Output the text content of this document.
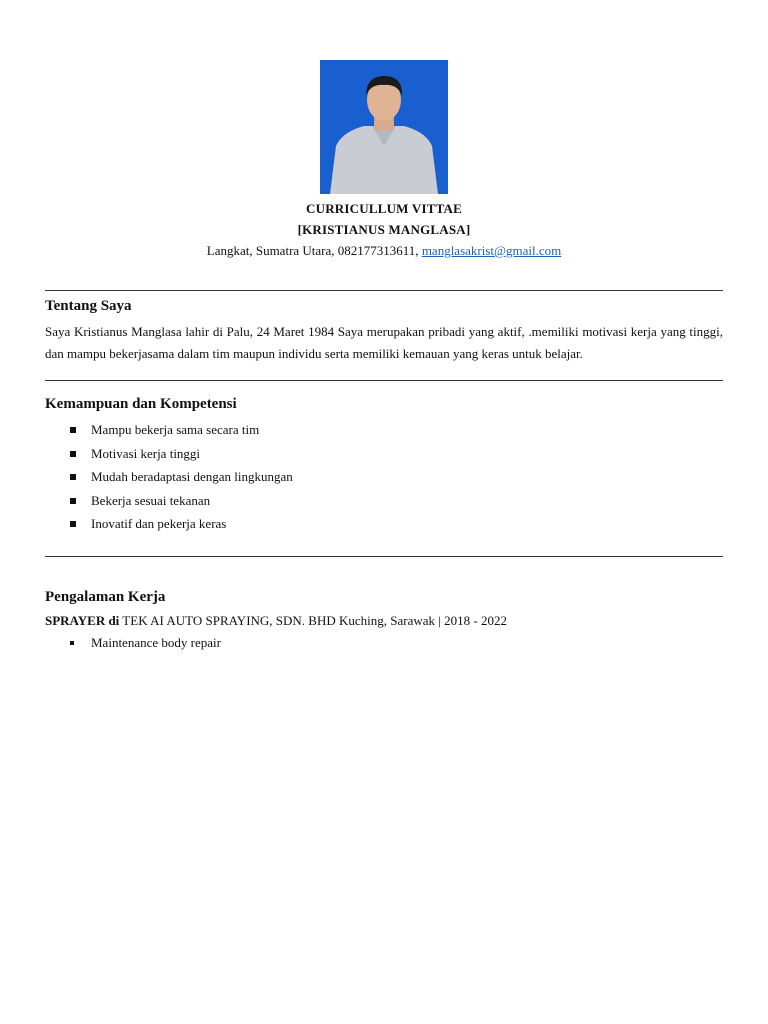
CURRICULLUM VITTAE
[KRISTIANUS MANGLASA]
Langkat, Sumatra Utara, 082177313611, manglasakrist@gmail.com
Tentang Saya
Saya Kristianus Manglasa lahir di Palu, 24 Maret 1984 Saya merupakan pribadi yang aktif, .memiliki motivasi kerja yang tinggi, dan mampu bekerjasama dalam tim maupun individu serta memiliki kemauan yang keras untuk belajar.
Kemampuan dan Kompetensi
Mampu bekerja sama secara tim
Motivasi kerja tinggi
Mudah beradaptasi dengan lingkungan
Bekerja sesuai tekanan
Inovatif dan pekerja keras
Pengalaman Kerja
SPRAYER di TEK AI AUTO SPRAYING, SDN. BHD Kuching, Sarawak | 2018 - 2022
Maintenance body repair
